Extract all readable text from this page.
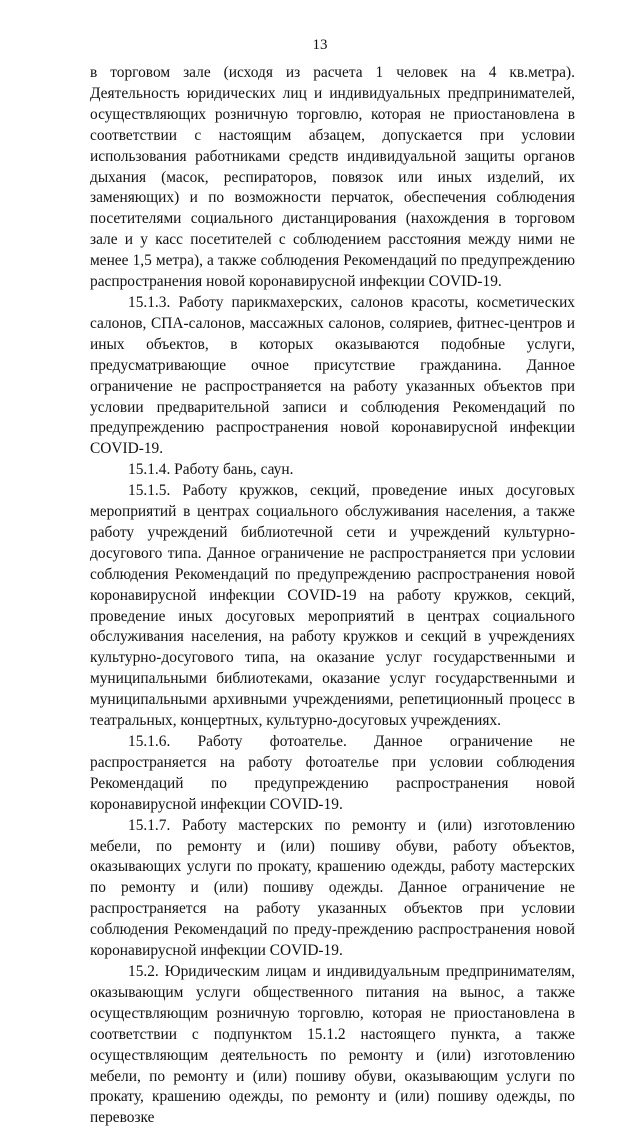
13

в торговом зале (исходя из расчета 1 человек на 4 кв.метра). Деятельность юридических лиц и индивидуальных предпринимателей, осуществляющих розничную торговлю, которая не приостановлена в соответствии с настоящим абзацем, допускается при условии использования работниками средств индивидуальной защиты органов дыхания (масок, респираторов, повязок или иных изделий, их заменяющих) и по возможности перчаток, обеспечения соблюдения посетителями социального дистанцирования (нахождения в торговом зале и у касс посетителей с соблюдением расстояния между ними не менее 1,5 метра), а также соблюдения Рекомендаций по предупреждению распространения новой коронавирусной инфекции COVID-19.

15.1.3. Работу парикмахерских, салонов красоты, косметических салонов, СПА-салонов, массажных салонов, соляриев, фитнес-центров и иных объектов, в которых оказываются подобные услуги, предусматривающие очное присутствие гражданина. Данное ограничение не распространяется на работу указанных объектов при условии предварительной записи и соблюдения Рекомендаций по предупреждению распространения новой коронавирусной инфекции COVID-19.

15.1.4. Работу бань, саун.

15.1.5. Работу кружков, секций, проведение иных досуговых мероприятий в центрах социального обслуживания населения, а также работу учреждений библиотечной сети и учреждений культурно-досугового типа. Данное ограничение не распространяется при условии соблюдения Рекомендаций по предупреждению распространения новой коронавирусной инфекции COVID-19 на работу кружков, секций, проведение иных досуговых мероприятий в центрах социального обслуживания населения, на работу кружков и секций в учреждениях культурно-досугового типа, на оказание услуг государственными и муниципальными библиотеками, оказание услуг государственными и муниципальными архивными учреждениями, репетиционный процесс в театральных, концертных, культурно-досуговых учреждениях.

15.1.6. Работу фотоателье. Данное ограничение не распространяется на работу фотоателье при условии соблюдения Рекомендаций по предупреждению распространения новой коронавирусной инфекции COVID-19.

15.1.7. Работу мастерских по ремонту и (или) изготовлению мебели, по ремонту и (или) пошиву обуви, работу объектов, оказывающих услуги по прокату, крашению одежды, работу мастерских по ремонту и (или) пошиву одежды. Данное ограничение не распространяется на работу указанных объектов при условии соблюдения Рекомендаций по преду-преждению распространения новой коронавирусной инфекции COVID-19.

15.2. Юридическим лицам и индивидуальным предпринимателям, оказывающим услуги общественного питания на вынос, а также осуществляющим розничную торговлю, которая не приостановлена в соответствии с подпунктом 15.1.2 настоящего пункта, а также осуществляющим деятельность по ремонту и (или) изготовлению мебели, по ремонту и (или) пошиву обуви, оказывающим услуги по прокату, крашению одежды, по ремонту и (или) пошиву одежды, по перевозке
